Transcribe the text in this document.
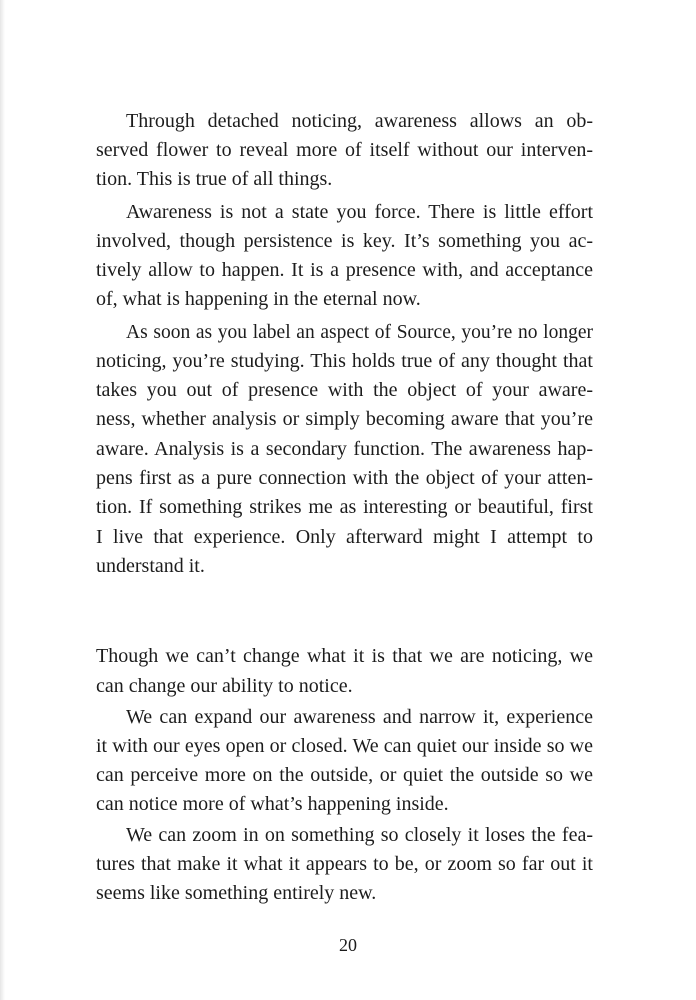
Through detached noticing, awareness allows an ob-

served flower to reveal more of itself without our interven-

tion. This is true of all things.

Awareness is not a state you force. There is little effort

involved, though persistence is key. It’s something you ac-

tively allow to happen. It is a presence with, and acceptance

of, what is happening in the eternal now.

As soon as you label an aspect of Source, you’re no longer

noticing, you’re studying. This holds true of any thought that

takes you out of presence with the object of your aware-

ness, whether analysis or simply becoming aware that you’re

aware. Analysis is a secondary function. The awareness hap-

pens first as a pure connection with the object of your atten-

tion. If something strikes me as interesting or beautiful, first

I live that experience. Only afterward might I attempt to

understand it.

Though we can’t change what it is that we are noticing, we

can change our ability to notice.

We can expand our awareness and narrow it, experience

it with our eyes open or closed. We can quiet our inside so we

can perceive more on the outside, or quiet the outside so we

can notice more of what’s happening inside.

We can zoom in on something so closely it loses the fea-

tures that make it what it appears to be, or zoom so far out it

seems like something entirely new.

20
